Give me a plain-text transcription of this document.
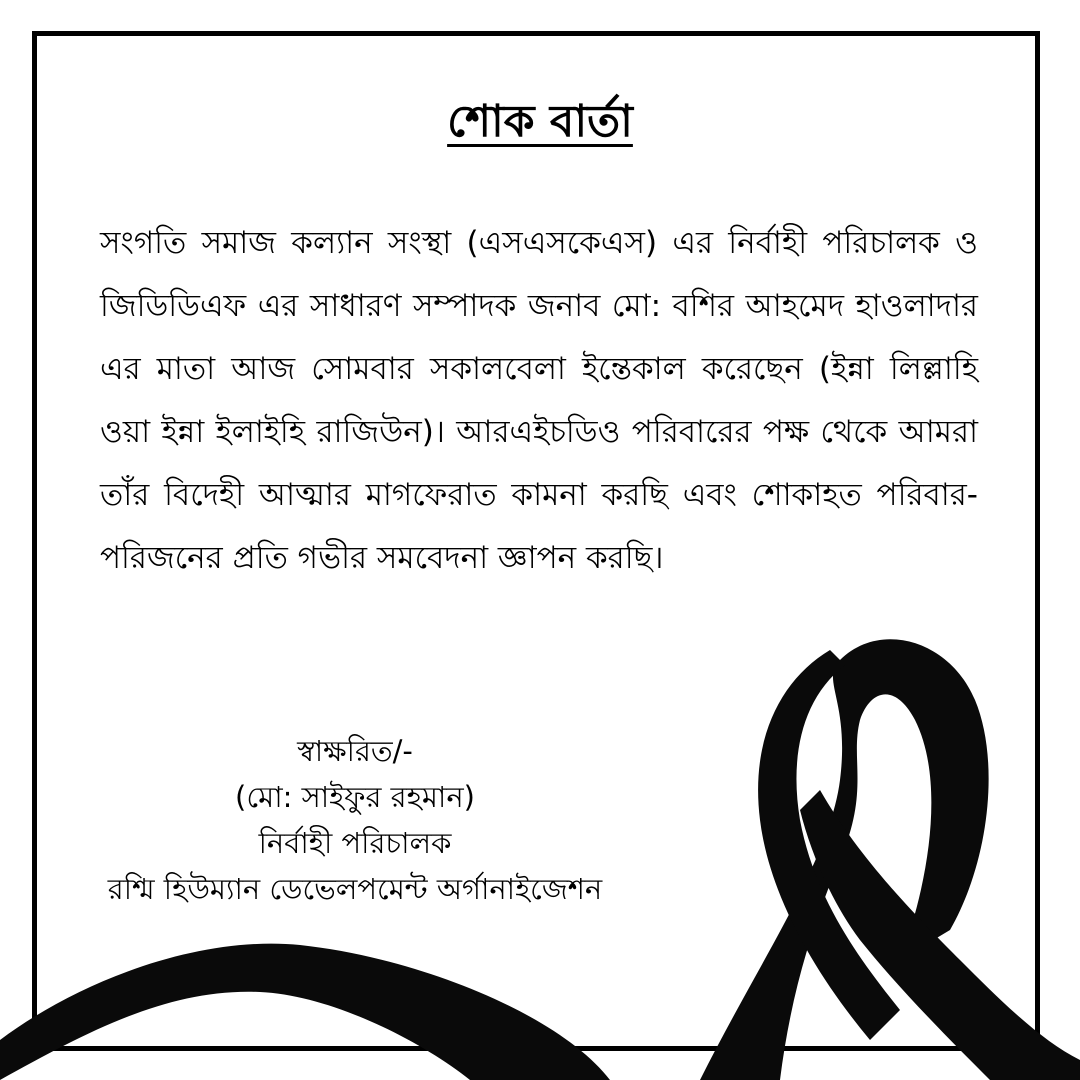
শোক বার্তা

সংগতি সমাজ কল্যান সংস্থা (এসএসকেএস) এর নির্বাহী পরিচালক ও জিডিডিএফ এর সাধারণ সম্পাদক জনাব মো: বশির আহমেদ হাওলাদার এর মাতা আজ সোমবার সকালবেলা ইন্তেকাল করেছেন (ইন্না লিল্লাহি ওয়া ইন্না ইলাইহি রাজিউন)। আরএইচডিও পরিবারের পক্ষ থেকে আমরা তাঁর বিদেহী আত্মার মাগফেরাত কামনা করছি এবং শোকাহত পরিবার-পরিজনের প্রতি গভীর সমবেদনা জ্ঞাপন করছি।

স্বাক্ষরিত/-
(মো: সাইফুর রহমান)
নির্বাহী পরিচালক
রশ্মি হিউম্যান ডেভেলপমেন্ট অর্গানাইজেশন
